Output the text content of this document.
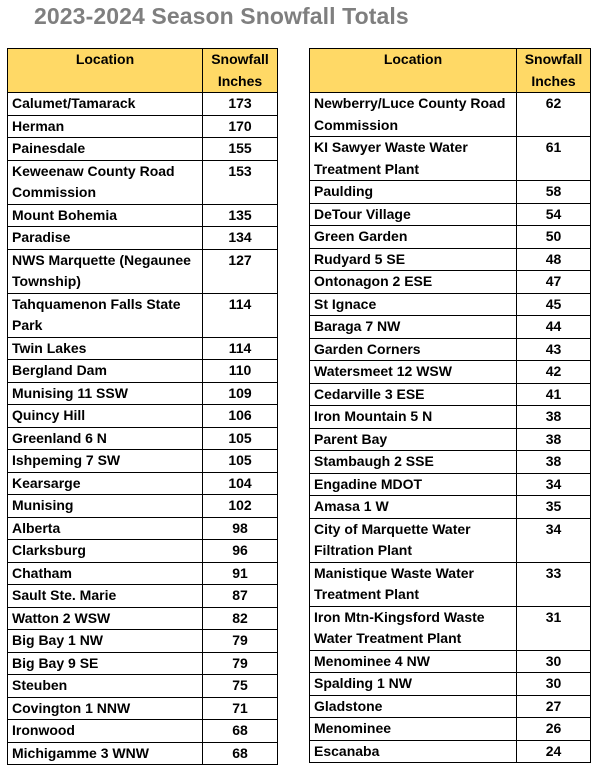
2023-2024 Season Snowfall Totals
Location	Snowfall
Inches
Calumet/Tamarack	173
Herman	170
Painesdale	155
Keweenaw County Road Commission	153
Mount Bohemia	135
Paradise	134
NWS Marquette (Negaunee Township)	127
Tahquamenon Falls State Park	114
Twin Lakes	114
Bergland Dam	110
Munising 11 SSW	109
Quincy Hill	106
Greenland 6 N	105
Ishpeming 7 SW	105
Kearsarge	104
Munising	102
Alberta	98
Clarksburg	96
Chatham	91
Sault Ste. Marie	87
Watton 2 WSW	82
Big Bay 1 NW	79
Big Bay 9 SE	79
Steuben	75
Covington 1 NNW	71
Ironwood	68
Michigamme 3 WNW	68
Location	Snowfall
Inches
Newberry/Luce County Road Commission	62
KI Sawyer Waste Water Treatment Plant	61
Paulding	58
DeTour Village	54
Green Garden	50
Rudyard 5 SE	48
Ontonagon 2 ESE	47
St Ignace	45
Baraga 7 NW	44
Garden Corners	43
Watersmeet 12 WSW	42
Cedarville 3 ESE	41
Iron Mountain 5 N	38
Parent Bay	38
Stambaugh 2 SSE	38
Engadine MDOT	34
Amasa 1 W	35
City of Marquette Water Filtration Plant	34
Manistique Waste Water Treatment Plant	33
Iron Mtn-Kingsford Waste Water Treatment Plant	31
Menominee 4 NW	30
Spalding 1 NW	30
Gladstone	27
Menominee	26
Escanaba	24
